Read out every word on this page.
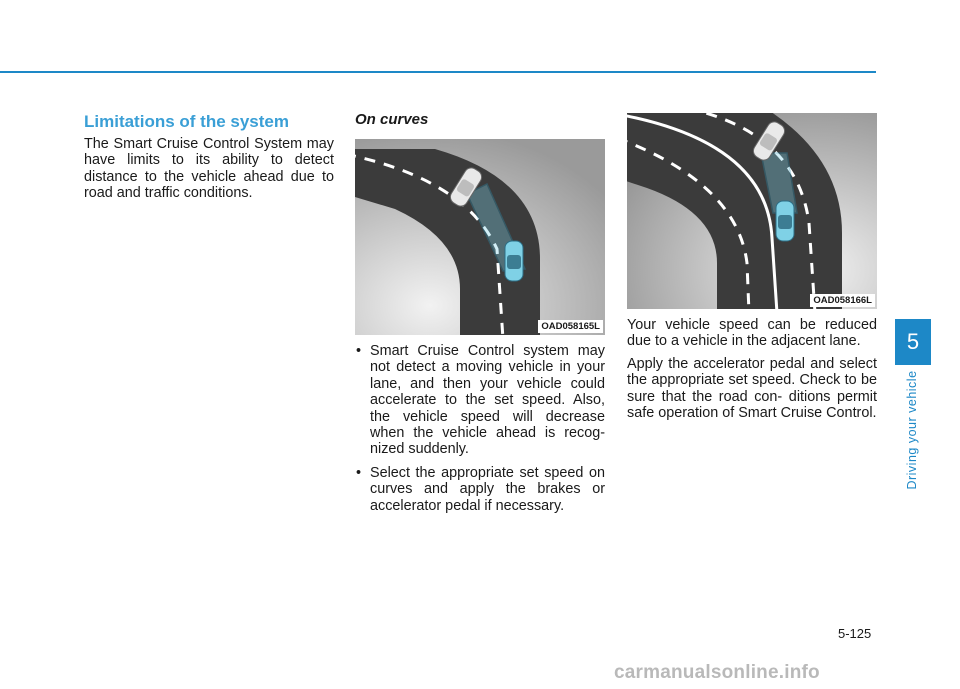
Limitations of the system

The Smart Cruise Control System may have limits to its ability to detect distance to the vehicle ahead due to road and traffic conditions.

On curves
OAD058165L
• Smart Cruise Control system may not detect a moving vehicle in your lane, and then your vehicle could accelerate to the set speed. Also, the vehicle speed will decrease when the vehicle ahead is recog- nized suddenly.
• Select the appropriate set speed on curves and apply the brakes or accelerator pedal if necessary.
OAD058166L

Your vehicle speed can be reduced due to a vehicle in the adjacent lane.

Apply the accelerator pedal and select the appropriate set speed. Check to be sure that the road con- ditions permit safe operation of Smart Cruise Control.

5
Driving your vehicle
5-125
carmanualsonline.info
